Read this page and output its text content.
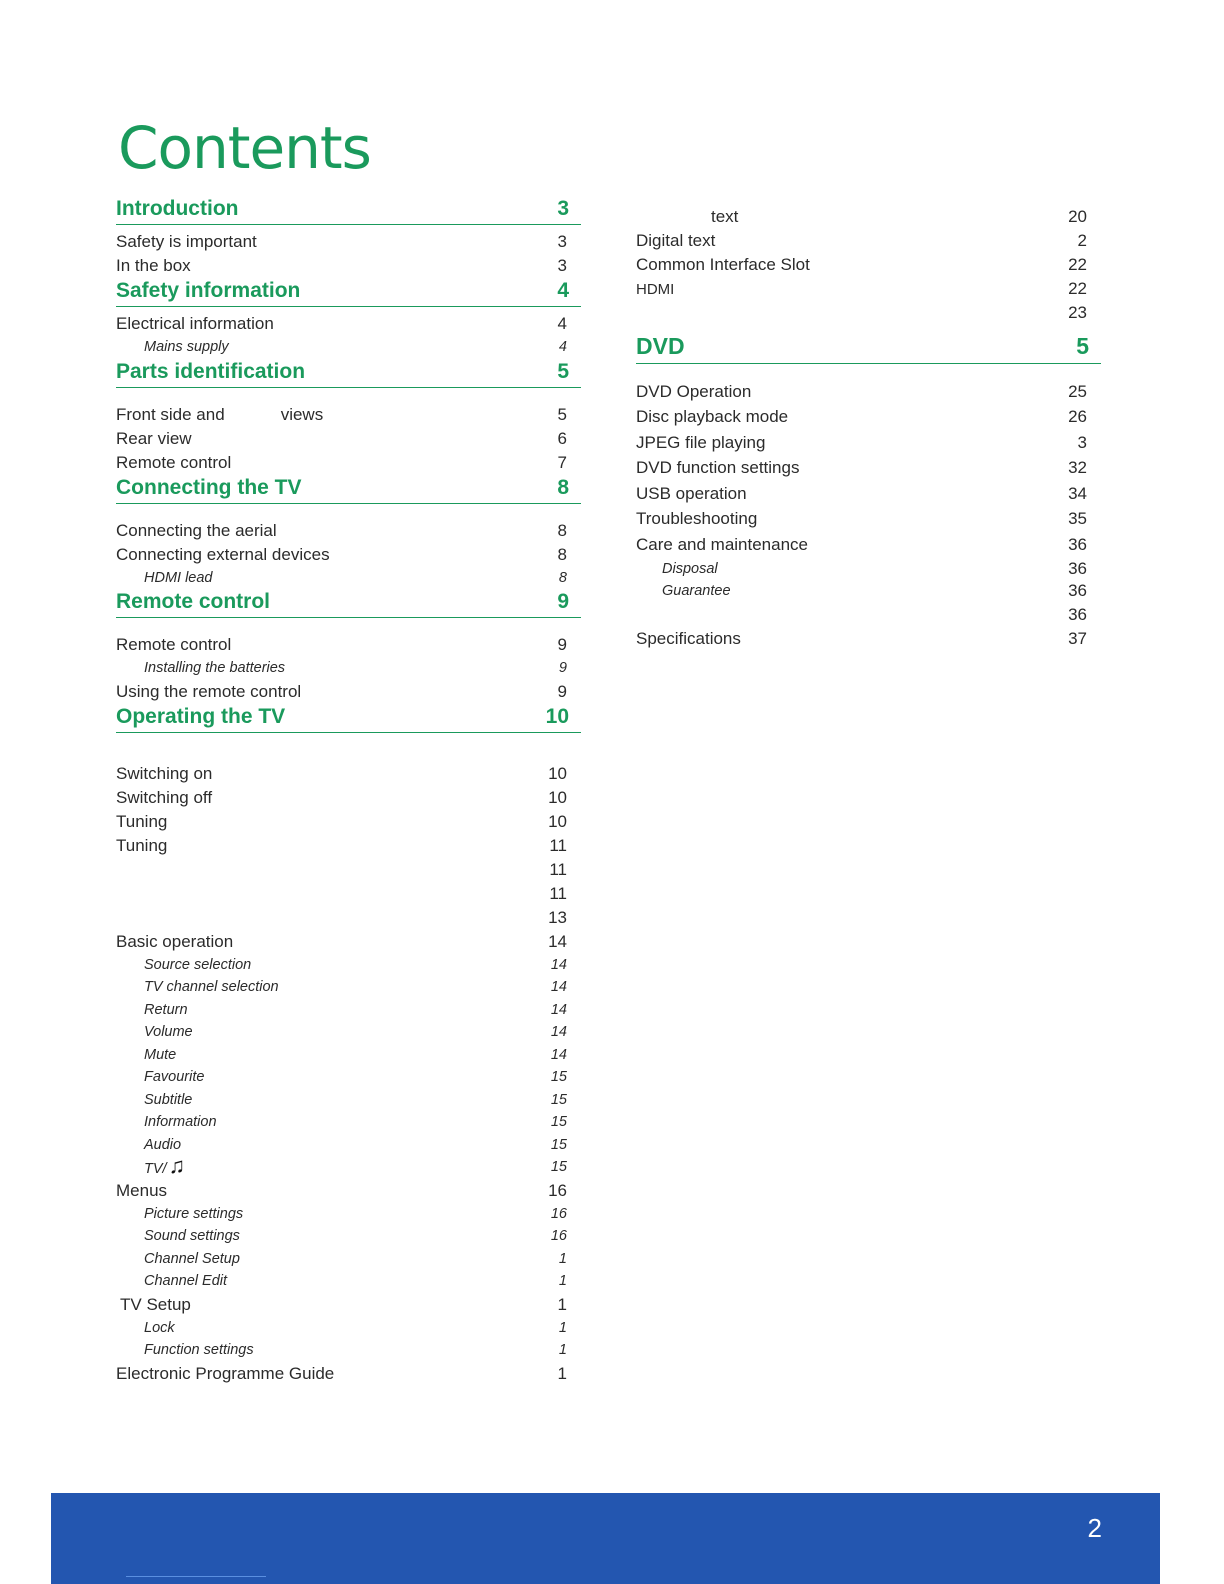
Contents
Introduction	3
Safety is important	3
In the box	3
Safety information	4
Electrical information	4
Mains supply	4
Parts identification	5
Front side and	views	5
Rear view	6
Remote control	7
Connecting the TV	8
Connecting the aerial	8
Connecting external devices	8
HDMI lead	8
Remote control	9
Remote control	9
Installing the batteries	9
Using the remote control	9
Operating the TV	10
Switching on	10
Switching off	10
Tuning	10
Tuning	11
11
11
13
Basic operation	14
Source selection	14
TV channel selection	14
Return	14
Volume	14
Mute	14
Favourite	15
Subtitle	15
Information	15
Audio	15
TV/♫	15
Menus	16
Picture settings	16
Sound settings	16
Channel Setup	1
Channel Edit	1
TV Setup	1
Lock	1
Function settings	1
Electronic Programme Guide	1
text	20
Digital text	2
Common Interface Slot	22
HDMI	22
23
DVD	5
DVD Operation	25
Disc playback mode	26
JPEG file playing	3
DVD function settings	32
USB operation	34
Troubleshooting	35
Care and maintenance	36
Disposal	36
Guarantee	36
36
Specifications	37
2
